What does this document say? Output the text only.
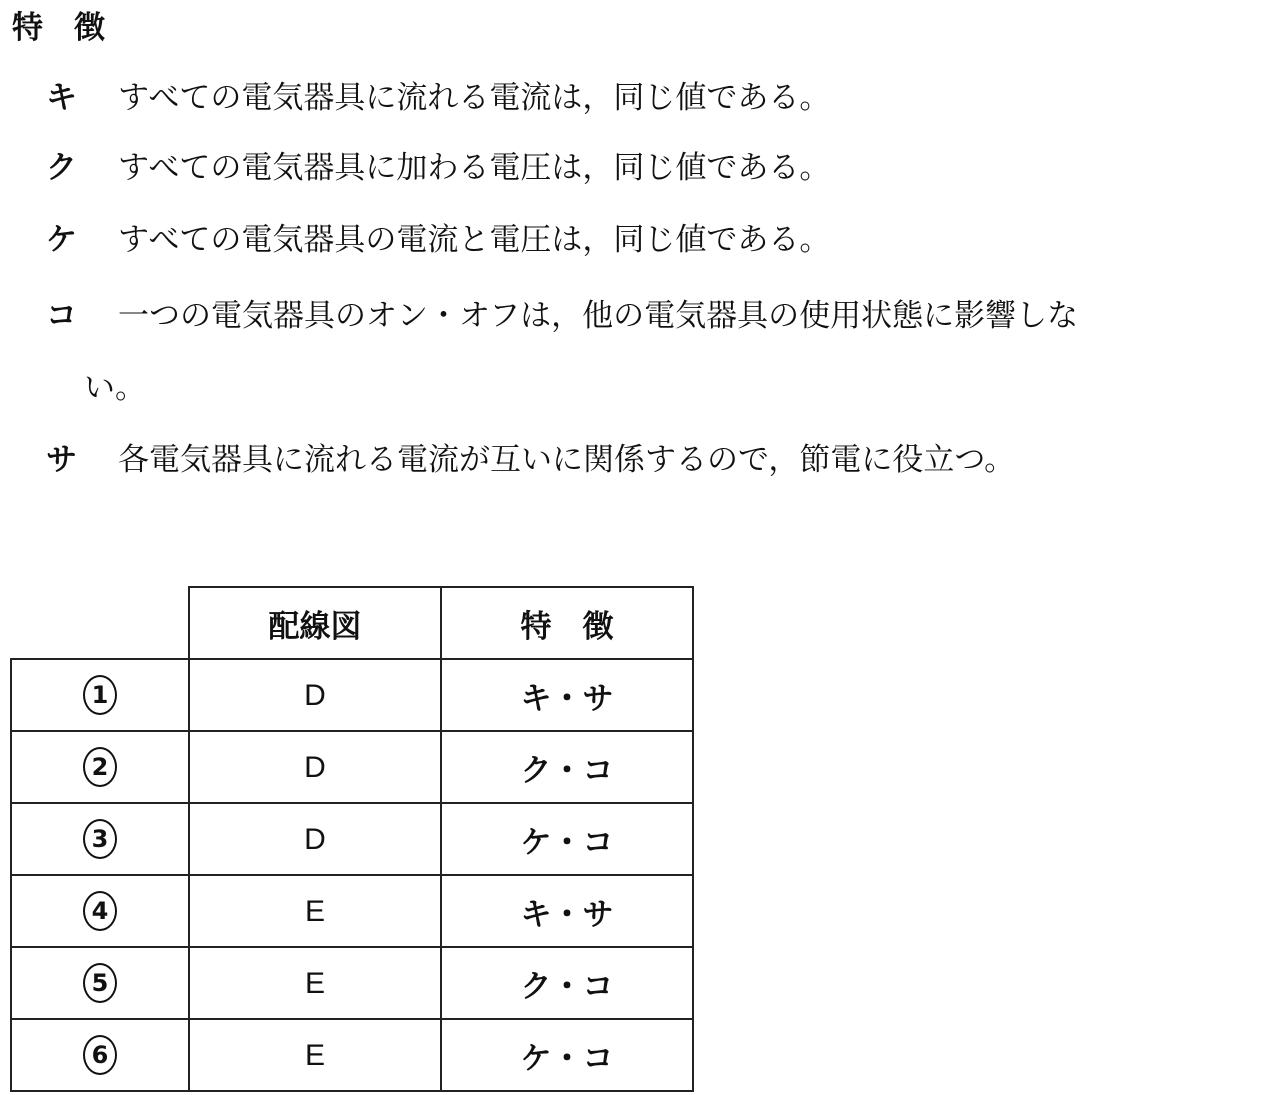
特　徴
キ すべての電気器具に流れる電流は，同じ値である。
ク すべての電気器具に加わる電圧は，同じ値である。
ケ すべての電気器具の電流と電圧は，同じ値である。
コ 一つの電気器具のオン・オフは，他の電気器具の使用状態に影響しな
い。
サ 各電気器具に流れる電流が互いに関係するので，節電に役立つ。
	配線図	特　徴
1	D	キ・サ
2	D	ク・コ
3	D	ケ・コ
4	E	キ・サ
5	E	ク・コ
6	E	ケ・コ
